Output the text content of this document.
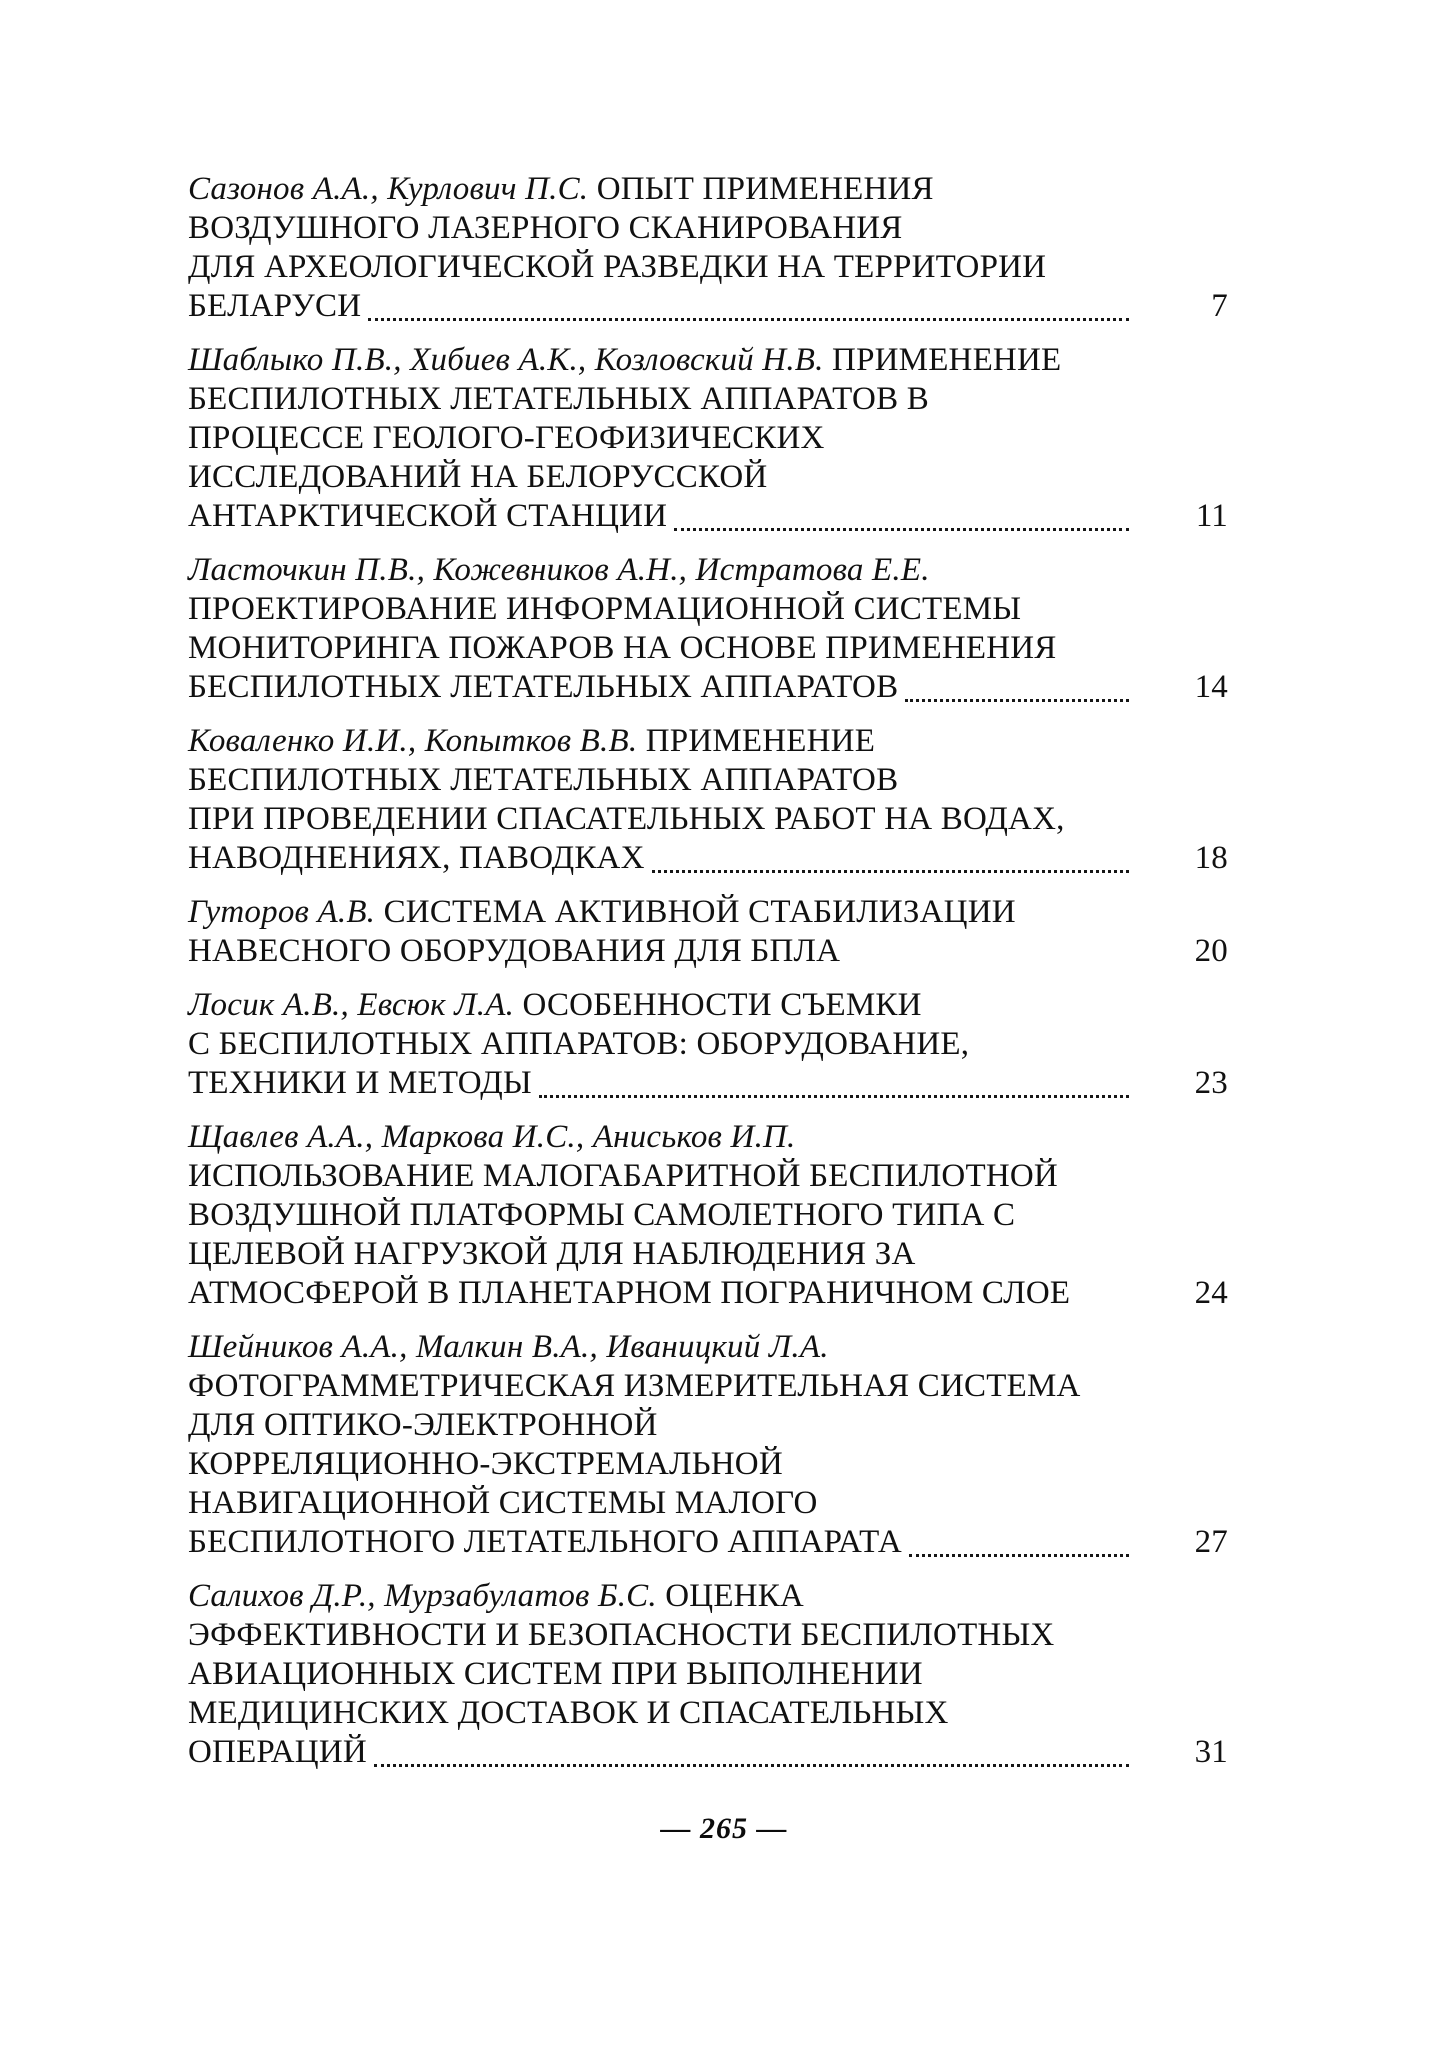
Сазонов А.А., Курлович П.С. ОПЫТ ПРИМЕНЕНИЯ
ВОЗДУШНОГО ЛАЗЕРНОГО СКАНИРОВАНИЯ
ДЛЯ АРХЕОЛОГИЧЕСКОЙ РАЗВЕДКИ НА ТЕРРИТОРИИ
БЕЛАРУСИ	7
Шаблыко П.В., Хибиев А.К., Козловский Н.В. ПРИМЕНЕНИЕ
БЕСПИЛОТНЫХ ЛЕТАТЕЛЬНЫХ АППАРАТОВ В
ПРОЦЕССЕ ГЕОЛОГО-ГЕОФИЗИЧЕСКИХ
ИССЛЕДОВАНИЙ НА БЕЛОРУССКОЙ
АНТАРКТИЧЕСКОЙ СТАНЦИИ	11
Ласточкин П.В., Кожевников А.Н., Истратова Е.Е.
ПРОЕКТИРОВАНИЕ ИНФОРМАЦИОННОЙ СИСТЕМЫ
МОНИТОРИНГА ПОЖАРОВ НА ОСНОВЕ ПРИМЕНЕНИЯ
БЕСПИЛОТНЫХ ЛЕТАТЕЛЬНЫХ АППАРАТОВ	14
Коваленко И.И., Копытков В.В. ПРИМЕНЕНИЕ
БЕСПИЛОТНЫХ ЛЕТАТЕЛЬНЫХ АППАРАТОВ
ПРИ ПРОВЕДЕНИИ СПАСАТЕЛЬНЫХ РАБОТ НА ВОДАХ,
НАВОДНЕНИЯХ, ПАВОДКАХ	18
Гуторов А.В. СИСТЕМА АКТИВНОЙ СТАБИЛИЗАЦИИ
НАВЕСНОГО ОБОРУДОВАНИЯ ДЛЯ БПЛА	20
Лосик А.В., Евсюк Л.А. ОСОБЕННОСТИ СЪЕМКИ
С БЕСПИЛОТНЫХ АППАРАТОВ: ОБОРУДОВАНИЕ,
ТЕХНИКИ И МЕТОДЫ	23
Щавлев А.А., Маркова И.С., Аниськов И.П.
ИСПОЛЬЗОВАНИЕ МАЛОГАБАРИТНОЙ БЕСПИЛОТНОЙ
ВОЗДУШНОЙ ПЛАТФОРМЫ САМОЛЕТНОГО ТИПА С
ЦЕЛЕВОЙ НАГРУЗКОЙ ДЛЯ НАБЛЮДЕНИЯ ЗА
АТМОСФЕРОЙ В ПЛАНЕТАРНОМ ПОГРАНИЧНОМ СЛОЕ	24
Шейников А.А., Малкин В.А., Иваницкий Л.А.
ФОТОГРАММЕТРИЧЕСКАЯ ИЗМЕРИТЕЛЬНАЯ СИСТЕМА
ДЛЯ ОПТИКО-ЭЛЕКТРОННОЙ
КОРРЕЛЯЦИОННО-ЭКСТРЕМАЛЬНОЙ
НАВИГАЦИОННОЙ СИСТЕМЫ МАЛОГО
БЕСПИЛОТНОГО ЛЕТАТЕЛЬНОГО АППАРАТА	27
Салихов Д.Р., Мурзабулатов Б.С. ОЦЕНКА
ЭФФЕКТИВНОСТИ И БЕЗОПАСНОСТИ БЕСПИЛОТНЫХ
АВИАЦИОННЫХ СИСТЕМ ПРИ ВЫПОЛНЕНИИ
МЕДИЦИНСКИХ ДОСТАВОК И СПАСАТЕЛЬНЫХ
ОПЕРАЦИЙ	31
— 265 —
